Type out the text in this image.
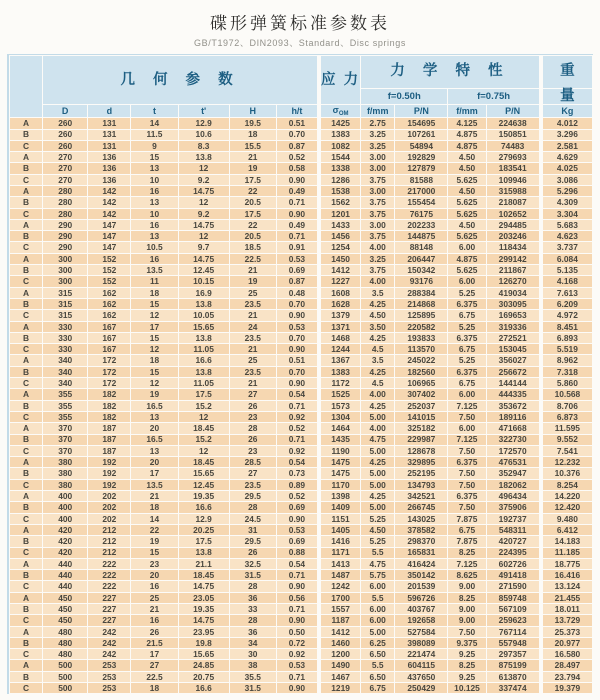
碟形弹簧标准参数表
GB/T1972、DIN2093、Standard、Disc springs
	几 何 参 数						应 力	力 学 特 性				重
								f=0.50h		f=0.75h		量
	D	d	t	t'	H	h/t	$\sigma_{OM}$	f/mm	P/N	f/mm	P/N	Kg
A	260	131	14	12.9	19.5	0.51	1425	2.75	154695	4.125	224638	4.012
B	260	131	11.5	10.6	18	0.70	1383	3.25	107261	4.875	150851	3.296
C	260	131	9	8.3	15.5	0.87	1082	3.25	54894	4.875	74483	2.581
A	270	136	15	13.8	21	0.52	1544	3.00	192829	4.50	279693	4.629
B	270	136	13	12	19	0.58	1338	3.00	127879	4.50	183541	4.025
C	270	136	10	9.2	17.5	0.90	1286	3.75	81588	5.625	109946	3.086
A	280	142	16	14.75	22	0.49	1538	3.00	217000	4.50	315988	5.296
B	280	142	13	12	20.5	0.71	1562	3.75	155454	5.625	218087	4.309
C	280	142	10	9.2	17.5	0.90	1201	3.75	76175	5.625	102652	3.304
A	290	147	16	14.75	22	0.49	1433	3.00	202233	4.50	294485	5.683
B	290	147	13	12	20.5	0.71	1456	3.75	144875	5.625	203246	4.623
C	290	147	10.5	9.7	18.5	0.91	1254	4.00	88148	6.00	118434	3.737
A	300	152	16	14.75	22.5	0.53	1450	3.25	206447	4.875	299142	6.084
B	300	152	13.5	12.45	21	0.69	1412	3.75	150342	5.625	211867	5.135
C	300	152	11	10.15	19	0.87	1227	4.00	93176	6.00	126270	4.168
A	315	162	18	16.9	25	0.48	1608	3.5	288384	5.25	419034	7.613
B	315	162	15	13.8	23.5	0.70	1628	4.25	214868	6.375	303095	6.209
C	315	162	12	10.05	21	0.90	1379	4.50	125895	6.75	169653	4.972
A	330	167	17	15.65	24	0.53	1371	3.50	220582	5.25	319336	8.451
B	330	167	15	13.8	23.5	0.70	1468	4.25	193833	6.375	272521	6.893
C	330	167	12	11.05	21	0.90	1244	4.5	113570	6.75	153045	5.519
A	340	172	18	16.6	25	0.51	1367	3.5	245022	5.25	356027	8.962
B	340	172	15	13.8	23.5	0.70	1383	4.25	182560	6.375	256672	7.318
C	340	172	12	11.05	21	0.90	1172	4.5	106965	6.75	144144	5.860
A	355	182	19	17.5	27	0.54	1525	4.00	307402	6.00	444335	10.568
B	355	182	16.5	15.2	26	0.71	1573	4.25	252037	7.125	353672	8.706
C	355	182	13	12	23	0.92	1304	5.00	141015	7.50	189116	6.873
A	370	187	20	18.45	28	0.52	1464	4.00	325182	6.00	471668	11.595
B	370	187	16.5	15.2	26	0.71	1435	4.75	229987	7.125	322730	9.552
C	370	187	13	12	23	0.92	1190	5.00	128678	7.50	172570	7.541
A	380	192	20	18.45	28.5	0.54	1475	4.25	329895	6.375	476531	12.232
B	380	192	17	15.65	27	0.73	1475	5.00	252195	7.50	352947	10.376
C	380	192	13.5	12.45	23.5	0.89	1170	5.00	134793	7.50	182062	8.254
A	400	202	21	19.35	29.5	0.52	1398	4.25	342521	6.375	496434	14.220
B	400	202	18	16.6	28	0.69	1409	5.00	266745	7.50	375906	12.420
C	400	202	14	12.9	24.5	0.90	1151	5.25	143025	7.875	192737	9.480
A	420	212	22	20.25	31	0.53	1405	4.50	378582	6.75	548311	6.412
B	420	212	19	17.5	29.5	0.69	1416	5.25	298370	7.875	420727	14.183
C	420	212	15	13.8	26	0.88	1171	5.5	165831	8.25	224395	11.185
A	440	222	23	21.1	32.5	0.54	1413	4.75	416424	7.125	602726	18.775
B	440	222	20	18.45	31.5	0.71	1487	5.75	350142	8.625	491418	16.416
C	440	222	16	14.75	28	0.90	1242	6.00	201539	9.00	271590	13.124
A	450	227	25	23.05	36	0.56	1700	5.5	596726	8.25	859748	21.455
B	450	227	21	19.35	33	0.71	1557	6.00	403767	9.00	567109	18.011
C	450	227	16	14.75	28	0.90	1187	6.00	192658	9.00	259623	13.729
A	480	242	26	23.95	36	0.50	1412	5.00	527584	7.50	767114	25.373
B	480	242	21.5	19.8	34	0.72	1460	6.25	398089	9.375	557948	20.977
C	480	242	17	15.65	30	0.92	1200	6.50	221474	9.25	297357	16.580
A	500	253	27	24.85	38	0.53	1490	5.5	604115	8.25	875199	28.497
B	500	253	22.5	20.75	35.5	0.71	1467	6.50	437650	9.25	613870	23.794
C	500	253	18	16.6	31.5	0.90	1219	6.75	250429	10.125	337474	19.379
